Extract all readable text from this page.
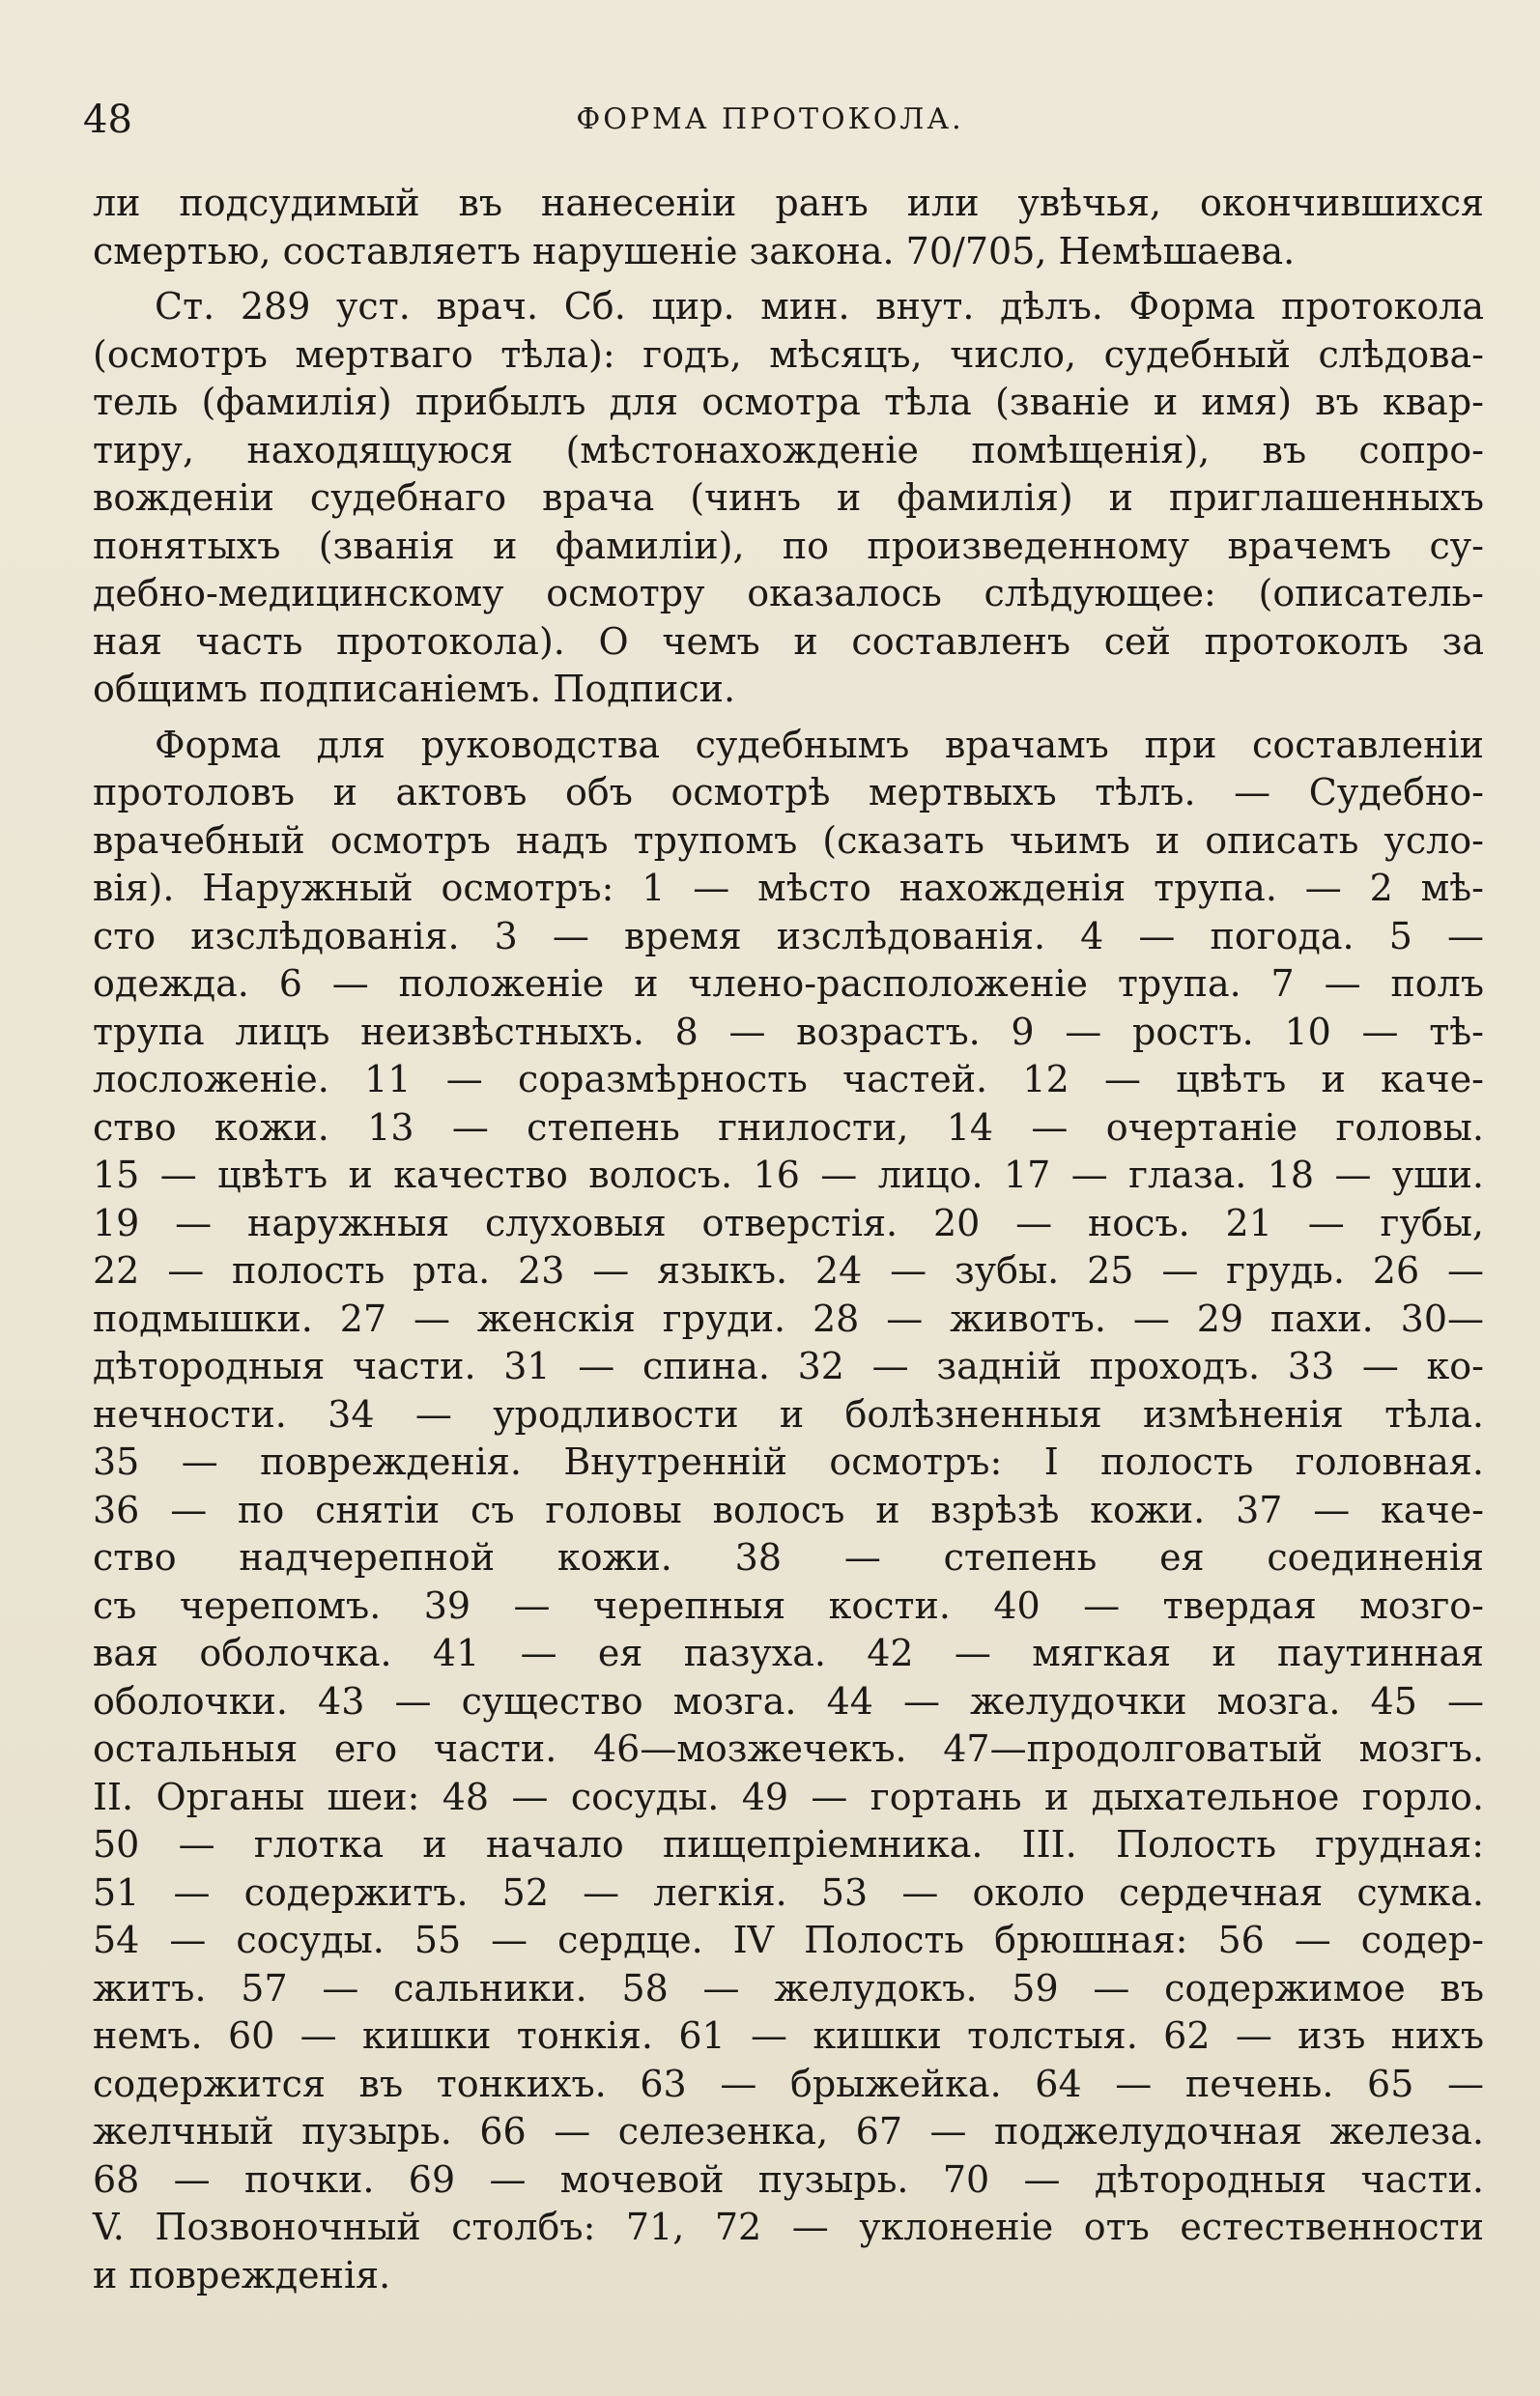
48	ФОРМА ПРОТОКОЛА.
ли подсудимый въ нанесенiи ранъ или увѣчья, окончившихся
смертью, составляетъ нарушенiе закона. 70/705, Немѣшаева.
Ст. 289 уст. врач. Сб. цир. мин. внут. дѣлъ. Форма протокола
(осмотръ мертваго тѣла): годъ, мѣсяцъ, число, судебный слѣдова-
тель (фамилiя) прибылъ для осмотра тѣла (званiе и имя) въ квар-
тиру, находящуюся (мѣстонахожденiе помѣщенiя), въ сопро-
вожденiи судебнаго врача (чинъ и фамилiя) и приглашенныхъ
понятыхъ (званiя и фамилiи), по произведенному врачемъ су-
дебно-медицинскому осмотру оказалось слѣдующее: (описатель-
ная часть протокола). О чемъ и составленъ сей протоколъ за
общимъ подписанiемъ. Подписи.
Форма для руководства судебнымъ врачамъ при составленiи
протоловъ и актовъ объ осмотрѣ мертвыхъ тѣлъ. — Судебно-
врачебный осмотръ надъ трупомъ (сказать чьимъ и описать усло-
вiя). Наружный осмотръ: 1 — мѣсто нахожденiя трупа. — 2 мѣ-
сто изслѣдованiя. 3 — время изслѣдованiя. 4 — погода. 5 —
одежда. 6 — положенiе и члено-расположенiе трупа. 7 — полъ
трупа лицъ неизвѣстныхъ. 8 — возрастъ. 9 — ростъ. 10 — тѣ-
лосложенiе. 11 — соразмѣрность частей. 12 — цвѣтъ и каче-
ство кожи. 13 — степень гнилости, 14 — очертанiе головы.
15 — цвѣтъ и качество волосъ. 16 — лицо. 17 — глаза. 18 — уши.
19 — наружныя слуховыя отверстiя. 20 — носъ. 21 — губы,
22 — полость рта. 23 — языкъ. 24 — зубы. 25 — грудь. 26 —
подмышки. 27 — женскiя груди. 28 — животъ. — 29 пахи. 30—
дѣтородныя части. 31 — спина. 32 — заднiй проходъ. 33 — ко-
нечности. 34 — уродливости и болѣзненныя измѣненiя тѣла.
35 — поврежденiя. Внутреннiй осмотръ: I полость головная.
36 — по снятiи съ головы волосъ и взрѣзѣ кожи. 37 — каче-
ство надчерепной кожи. 38 — степень ея соединенiя
съ черепомъ. 39 — черепныя кости. 40 — твердая мозго-
вая оболочка. 41 — ея пазуха. 42 — мягкая и паутинная
оболочки. 43 — существо мозга. 44 — желудочки мозга. 45 —
остальныя его части. 46—мозжечекъ. 47—продолговатый мозгъ.
II. Органы шеи: 48 — сосуды. 49 — гортань и дыхательное горло.
50 — глотка и начало пищепрiемника. III. Полость грудная:
51 — содержитъ. 52 — легкiя. 53 — около сердечная сумка.
54 — сосуды. 55 — сердце. IV Полость брюшная: 56 — содер-
житъ. 57 — сальники. 58 — желудокъ. 59 — содержимое въ
немъ. 60 — кишки тонкiя. 61 — кишки толстыя. 62 — изъ нихъ
содержится въ тонкихъ. 63 — брыжейка. 64 — печень. 65 —
желчный пузырь. 66 — селезенка, 67 — поджелудочная железа.
68 — почки. 69 — мочевой пузырь. 70 — дѣтородныя части.
V. Позвоночный столбъ: 71, 72 — уклоненiе отъ естественности
и поврежденiя.
